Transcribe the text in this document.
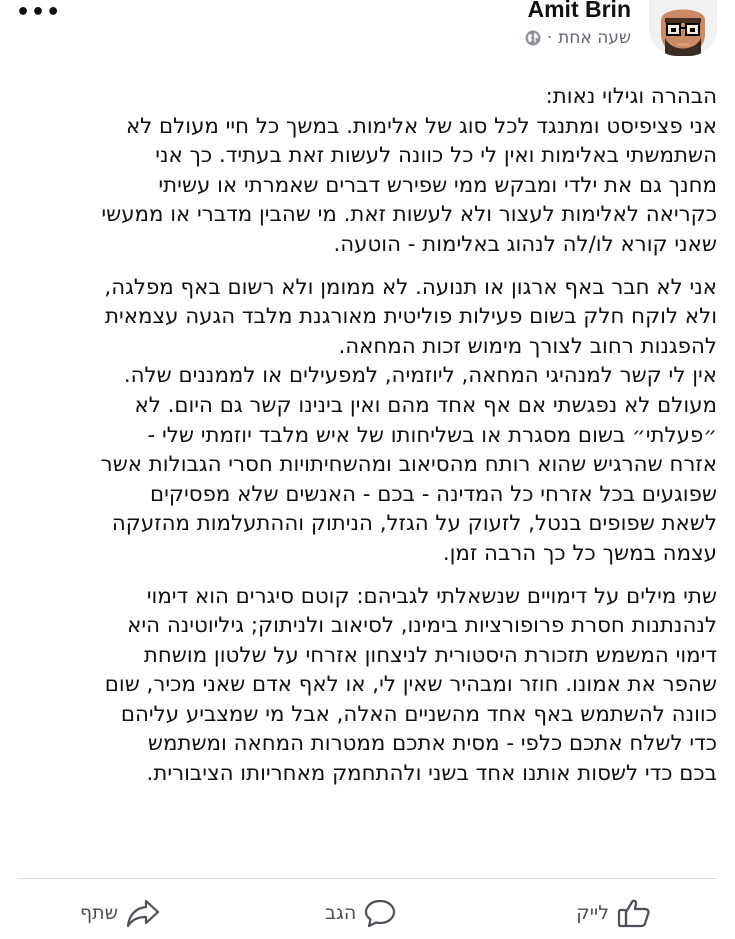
•••	Amit Brin
שעה אחת
·
הבהרה וגילוי נאות:
אני פציפיסט ומתנגד לכל סוג של אלימות. במשך כל חיי מעולם לא
השתמשתי באלימות ואין לי כל כוונה לעשות זאת בעתיד. כך אני
מחנך גם את ילדי ומבקש ממי שפירש דברים שאמרתי או עשיתי
כקריאה לאלימות לעצור ולא לעשות זאת. מי שהבין מדברי או ממעשי
שאני קורא לו/לה לנהוג באלימות - הוטעה.
אני לא חבר באף ארגון או תנועה. לא ממומן ולא רשום באף מפלגה,
ולא לוקח חלק בשום פעילות פוליטית מאורגנת מלבד הגעה עצמאית
להפגנות רחוב לצורך מימוש זכות המחאה.
אין לי קשר למנהיגי המחאה, ליוזמיה, למפעילים או לממננים שלה.
מעולם לא נפגשתי אם אף אחד מהם ואין בינינו קשר גם היום. לא
״פעלתי״ בשום מסגרת או בשליחותו של איש מלבד יוזמתי שלי -
אזרח שהרגיש שהוא רותח מהסיאוב ומהשחיתויות חסרי הגבולות אשר
שפוגעים בכל אזרחי כל המדינה - בכם - האנשים שלא מפסיקים
לשאת שפופים בנטל, לזעוק על הגזל, הניתוק וההתעלמות מהזעקה
עצמה במשך כל כך הרבה זמן.
שתי מילים על דימויים שנשאלתי לגביהם: קוטם סיגרים הוא דימוי
לנהנתנות חסרת פרופורציות בימינו, לסיאוב ולניתוק; גיליוטינה היא
דימוי המשמש תזכורת היסטורית לניצחון אזרחי על שלטון מושחת
שהפר את אמונו. חוזר ומבהיר שאין לי, או לאף אדם שאני מכיר, שום
כוונה להשתמש באף אחד מהשניים האלה, אבל מי שמצביע עליהם
כדי לשלח אתכם כלפי - מסית אתכם ממטרות המחאה ומשתמש
בכם כדי לשסות אותנו אחד בשני ולהתחמק מאחריותו הציבורית.
לייק
הגב
שתף
